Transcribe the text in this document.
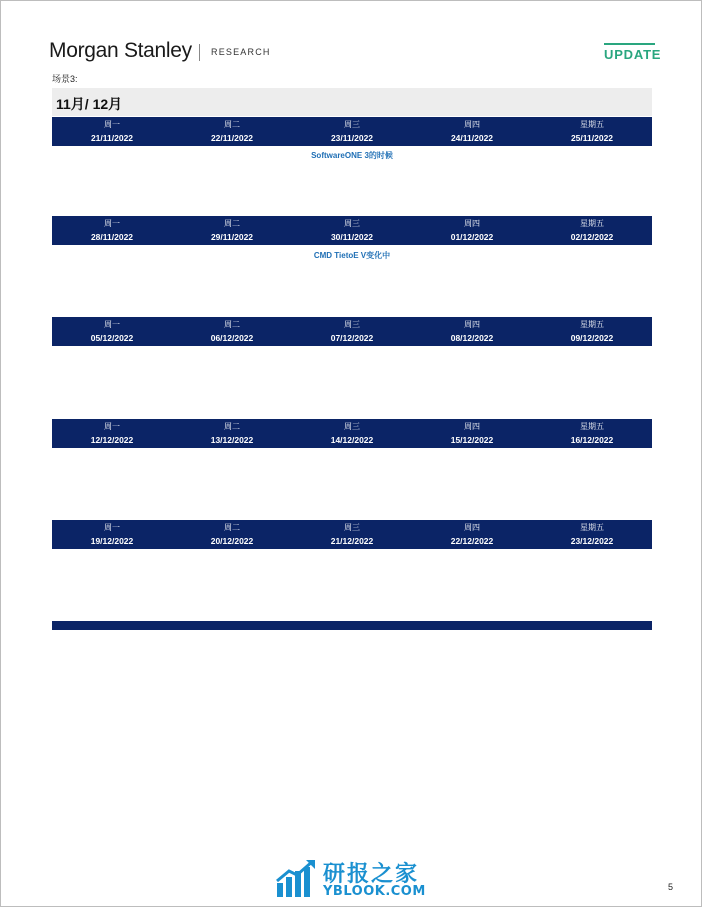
Morgan Stanley RESEARCH	UPDATE
场景3:
11月/ 12月
周一	周二	周三	周四	星期五
21/11/2022	22/11/2022	23/11/2022	24/11/2022	25/11/2022
SoftwareONE 3的时候
周一	周二	周三	周四	星期五
28/11/2022	29/11/2022	30/11/2022	01/12/2022	02/12/2022
CMD TietoE V变化中
周一	周二	周三	周四	星期五
05/12/2022	06/12/2022	07/12/2022	08/12/2022	09/12/2022
周一	周二	周三	周四	星期五
12/12/2022	13/12/2022	14/12/2022	15/12/2022	16/12/2022
周一	周二	周三	周四	星期五
19/12/2022	20/12/2022	21/12/2022	22/12/2022	23/12/2022
研报之家
YBLOOK.COM	5
